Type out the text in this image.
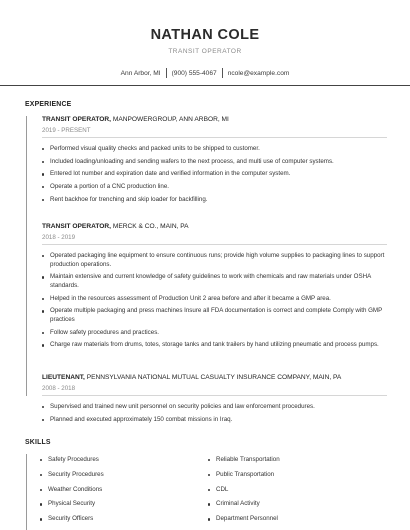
NATHAN COLE
TRANSIT OPERATOR
Ann Arbor, MI (900) 555-4067 ncole@example.com
EXPERIENCE
TRANSIT OPERATOR, MANPOWERGROUP, ANN ARBOR, MI
2019 - PRESENT
Performed visual quality checks and packed units to be shipped to customer.
Included loading/unloading and sending wafers to the next process, and multi use of computer systems.
Entered lot number and expiration date and verified information in the computer system.
Operate a portion of a CNC production line.
Rent backhoe for trenching and skip loader for backfilling.
TRANSIT OPERATOR, MERCK & CO., MAIN, PA
2018 - 2019
Operated packaging line equipment to ensure continuous runs; provide high volume supplies to packaging lines to support production operations.
Maintain extensive and current knowledge of safety guidelines to work with chemicals and raw materials under OSHA standards.
Helped in the resources assessment of Production Unit 2 area before and after it became a GMP area.
Operate multiple packaging and press machines Insure all FDA documentation is correct and complete Comply with GMP practices
Follow safety procedures and practices.
Charge raw materials from drums, totes, storage tanks and tank trailers by hand utilizing pneumatic and process pumps.
LIEUTENANT, PENNSYLVANIA NATIONAL MUTUAL CASUALTY INSURANCE COMPANY, MAIN, PA
2008 - 2018
Supervised and trained new unit personnel on security policies and law enforcement procedures.
Planned and executed approximately 150 combat missions in Iraq.
SKILLS
Safety Procedures	Reliable Transportation
Security Procedures	Public Transportation
Weather Conditions	CDL
Physical Security	Criminal Activity
Security Officers	Department Personnel
